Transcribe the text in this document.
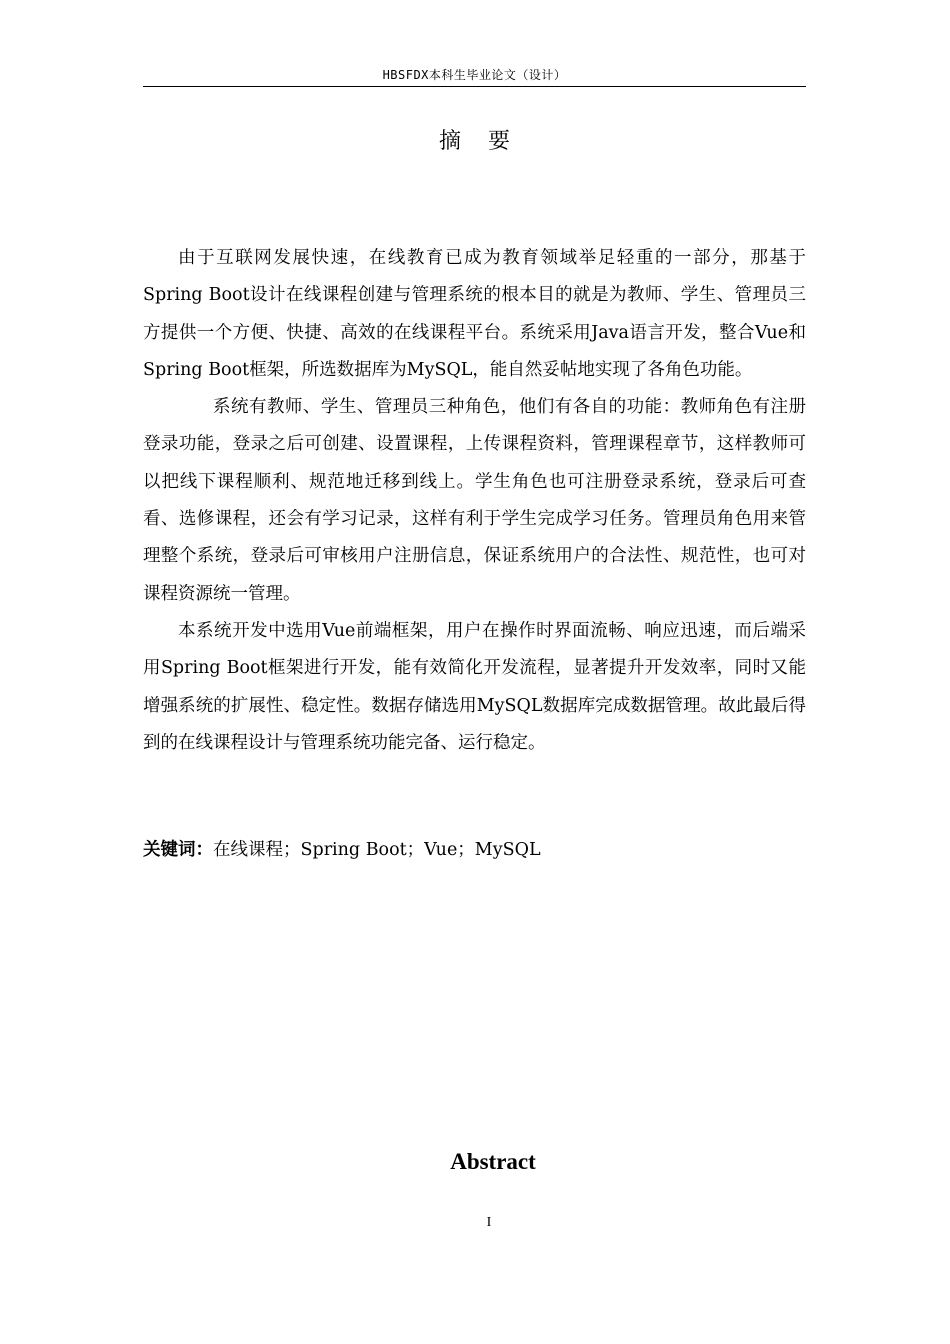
HBSFDX本科生毕业论文（设计）
摘 要

由于互联网发展快速，在线教育已成为教育领域举足轻重的一部分，那基于Spring Boot设计在线课程创建与管理系统的根本目的就是为教师、学生、管理员三方提供一个方便、快捷、高效的在线课程平台。系统采用Java语言开发，整合Vue和Spring Boot框架，所选数据库为MySQL，能自然妥帖地实现了各角色功能。

系统有教师、学生、管理员三种角色，他们有各自的功能：教师角色有注册登录功能，登录之后可创建、设置课程，上传课程资料，管理课程章节，这样教师可以把线下课程顺利、规范地迁移到线上。学生角色也可注册登录系统，登录后可查看、选修课程，还会有学习记录，这样有利于学生完成学习任务。管理员角色用来管理整个系统，登录后可审核用户注册信息，保证系统用户的合法性、规范性，也可对课程资源统一管理。

本系统开发中选用Vue前端框架，用户在操作时界面流畅、响应迅速，而后端采用Spring Boot框架进行开发，能有效简化开发流程，显著提升开发效率，同时又能增强系统的扩展性、稳定性。数据存储选用MySQL数据库完成数据管理。故此最后得到的在线课程设计与管理系统功能完备、运行稳定。

关键词：在线课程；Spring Boot；Vue；MySQL
Abstract
I
